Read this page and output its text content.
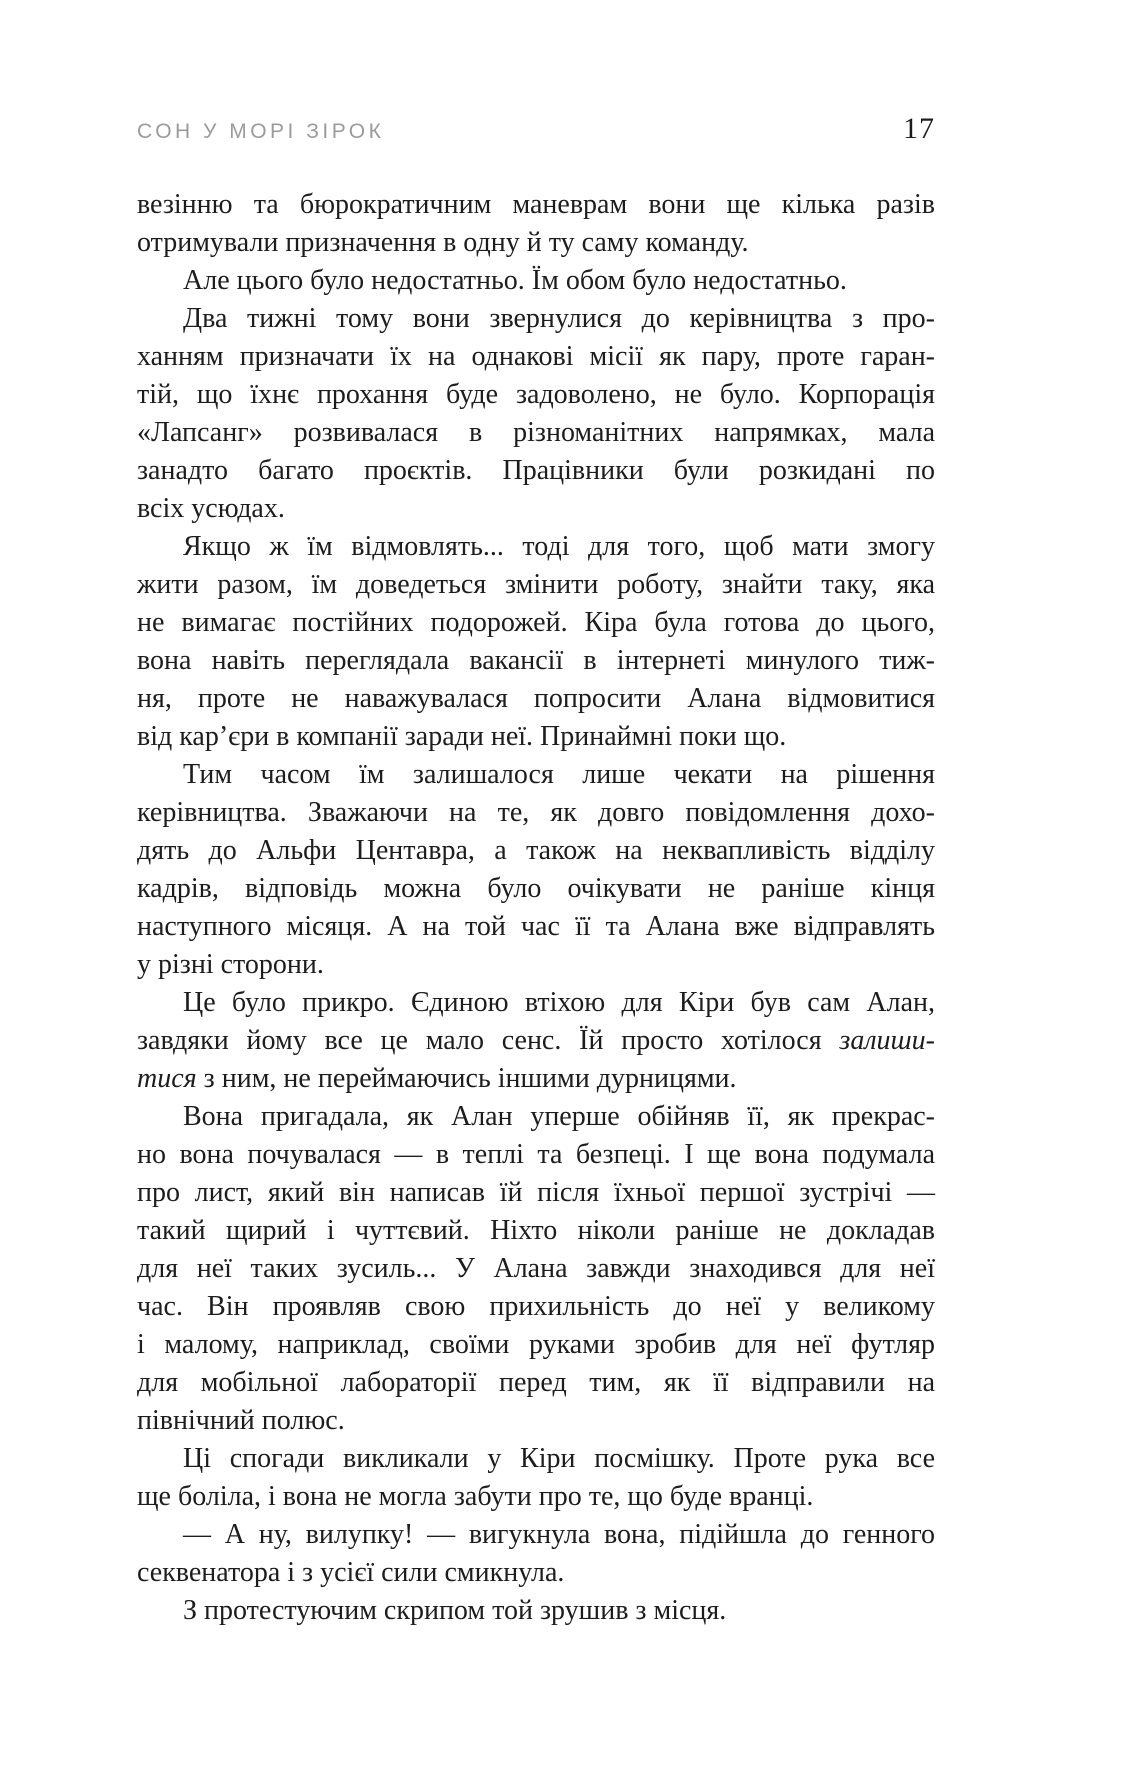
СОН У МОРІ ЗІРОК	17
везінню та бюрократичним маневрам вони ще кілька разів
отримували призначення в одну й ту саму команду.
Але цього було недостатньо. Їм обом було недостатньо.
Два тижні тому вони звернулися до керівництва з про-
ханням призначати їх на однакові місії як пару, проте гаран-
тій, що їхнє прохання буде задоволено, не було. Корпорація
«Лапсанг» розвивалася в різноманітних напрямках, мала
занадто багато проєктів. Працівники були розкидані по
всіх усюдах.
Якщо ж їм відмовлять... тоді для того, щоб мати змогу
жити разом, їм доведеться змінити роботу, знайти таку, яка
не вимагає постійних подорожей. Кіра була готова до цього,
вона навіть переглядала вакансії в інтернеті минулого тиж-
ня, проте не наважувалася попросити Алана відмовитися
від кар’єри в компанії заради неї. Принаймні поки що.
Тим часом їм залишалося лише чекати на рішення
керівництва. Зважаючи на те, як довго повідомлення дохо-
дять до Альфи Центавра, а також на неквапливість відділу
кадрів, відповідь можна було очікувати не раніше кінця
наступного місяця. А на той час її та Алана вже відправлять
у різні сторони.
Це було прикро. Єдиною втіхою для Кіри був сам Алан,
завдяки йому все це мало сенс. Їй просто хотілося залиши-
тися з ним, не переймаючись іншими дурницями.
Вона пригадала, як Алан уперше обійняв її, як прекрас-
но вона почувалася — в теплі та безпеці. І ще вона подумала
про лист, який він написав їй після їхньої першої зустрічі —
такий щирий і чуттєвий. Ніхто ніколи раніше не докладав
для неї таких зусиль... У Алана завжди знаходився для неї
час. Він проявляв свою прихильність до неї у великому
і малому, наприклад, своїми руками зробив для неї футляр
для мобільної лабораторії перед тим, як її відправили на
північний полюс.
Ці спогади викликали у Кіри посмішку. Проте рука все
ще боліла, і вона не могла забути про те, що буде вранці.
— А ну, вилупку! — вигукнула вона, підійшла до генного
секвенатора і з усієї сили смикнула.
З протестуючим скрипом той зрушив з місця.
